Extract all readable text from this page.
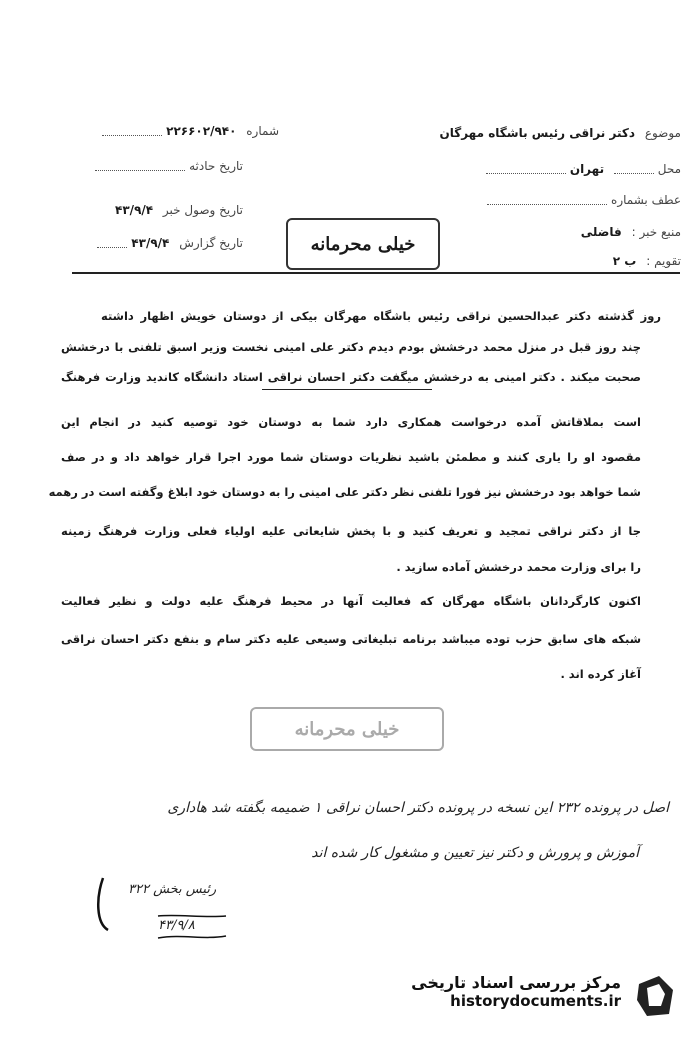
موضوع دکتر نراقی رئیس باشگاه مهرگان
محل  تهران
عطف بشماره
منبع خبر : فاضلی
تقویم : ب ۲
شماره ۲۲۶۶۰۲/۹۴۰
تاریخ حادثه
تاریخ وصول خبر ۴۳/۹/۴
تاریخ گزارش ۴۳/۹/۴	خیلی محرمانه
روز گذشته دکتر عبدالحسین نراقی رئیس باشگاه مهرگان بیکی از دوستان خویش اظهار داشته
چند روز قبل در منزل محمد درخشش بودم دیدم دکتر علی امینی نخست وزیر اسبق تلفنی با درخشش
صحبت میکند . دکتر امینی به درخشش میگفت دکتر احسان نراقی استاد دانشگاه کاندید وزارت فرهنگ
است بملاقاتش آمده درخواست همکاری دارد شما به دوستان خود توصیه کنید در انجام این
مقصود او را یاری کنند و مطمئن باشید نظریات دوستان شما مورد اجرا قرار خواهد داد و در صف
شما خواهد بود درخشش نیز فورا تلفنی نظر دکتر علی امینی را به دوستان خود ابلاغ وگفته است در رهمه
جا از دکتر نراقی تمجید و تعریف کنید و با پخش شایعاتی علیه اولیاء فعلی وزارت فرهنگ زمینه
را برای وزارت محمد درخشش آماده سازید .
اکنون کارگردانان باشگاه مهرگان که فعالیت آنها در محیط فرهنگ علیه دولت و نظیر فعالیت
شبکه های سابق حزب توده میباشد برنامه تبلیغاتی وسیعی علیه دکتر سام و بنفع دکتر احسان نراقی
آغاز کرده اند .
خیلی محرمانه
اصل در پرونده ۲۳۲ این نسخه در پرونده دکتر احسان نراقی ۱ ضمیمه بگفته شد هاداری
آموزش و پرورش و دکتر نیز تعیین و مشغول کار شده اند
رئیس بخش ۳۲۲
۴۳/۹/۸
مرکز بررسی اسناد تاریخی
historydocuments.ir
